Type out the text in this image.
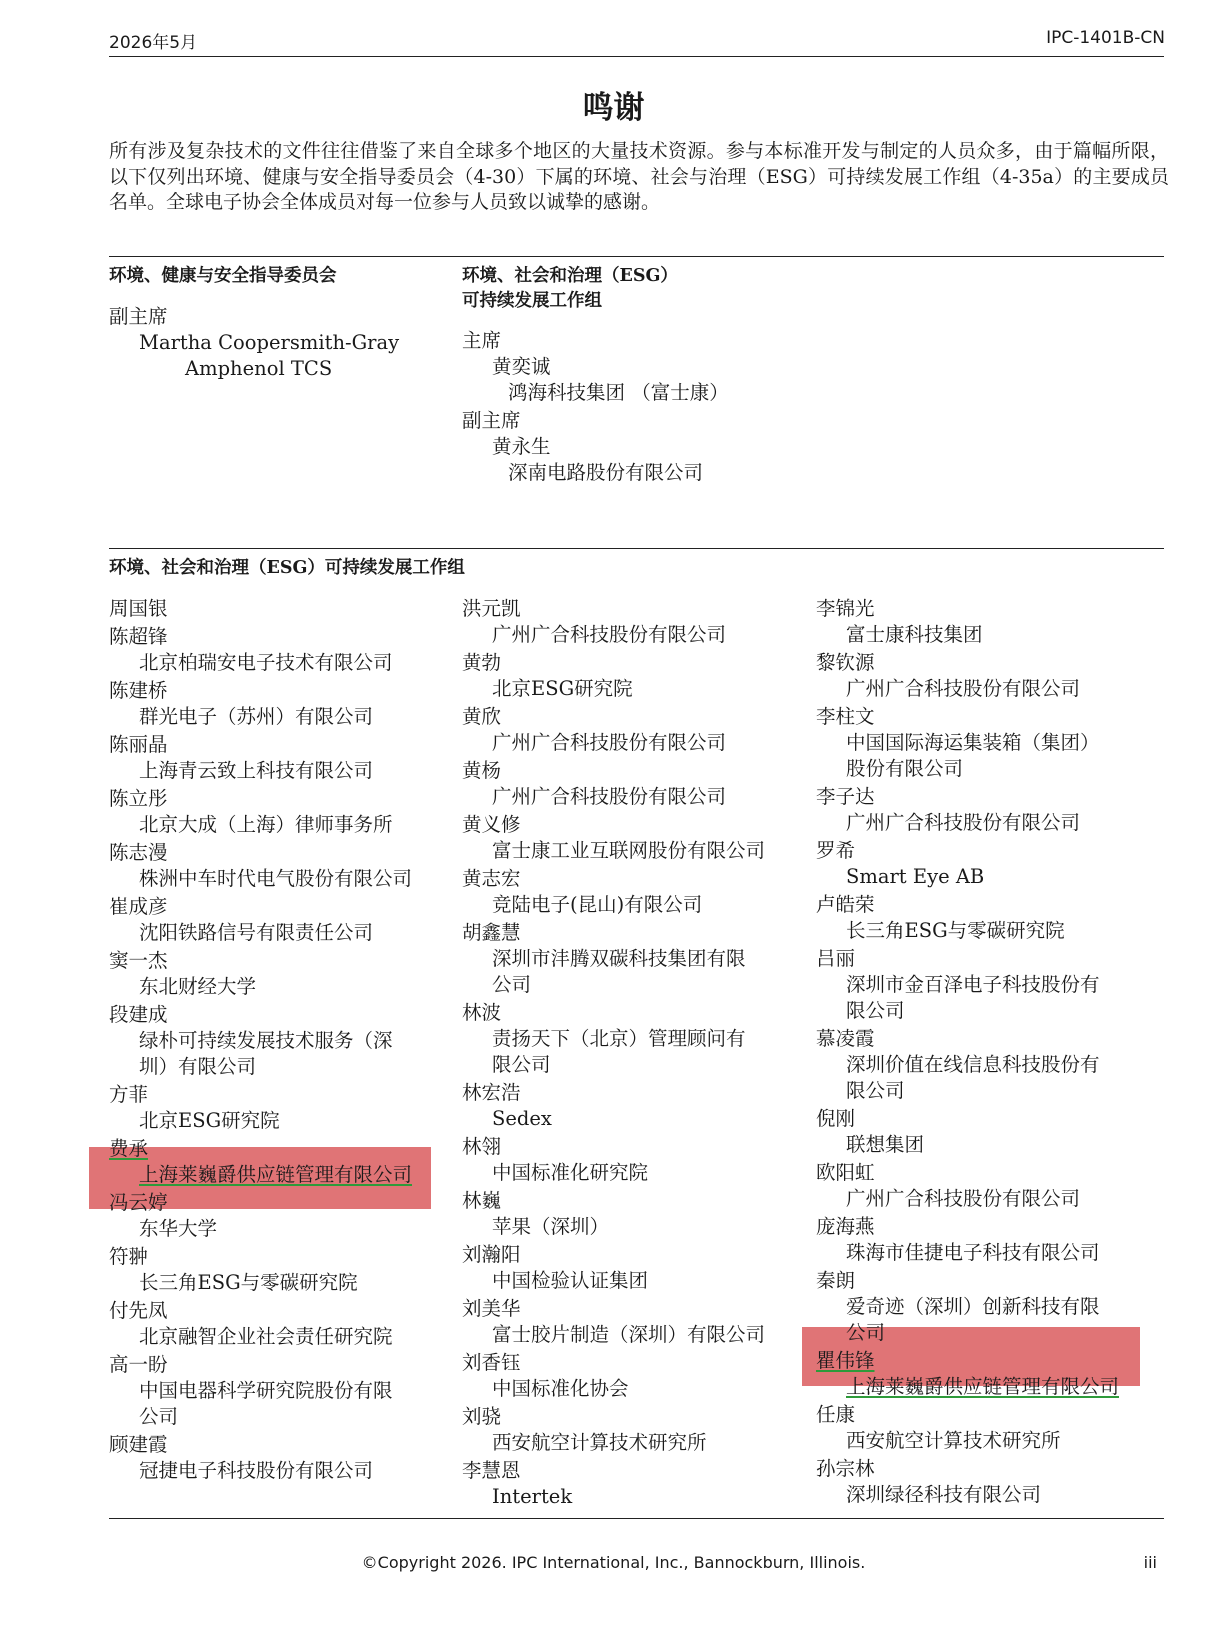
2026年5月	IPC-1401B-CN
鸣谢
所有涉及复杂技术的文件往往借鉴了来自全球多个地区的大量技术资源。参与本标准开发与制定的人员众多，由于篇幅所限，以下仅列出环境、健康与安全指导委员会（4-30）下属的环境、社会与治理（ESG）可持续发展工作组（4-35a）的主要成员名单。全球电子协会全体成员对每一位参与人员致以诚挚的感谢。
环境、健康与安全指导委员会
副主席
Martha Coopersmith-Gray
Amphenol TCS
环境、社会和治理（ESG）
可持续发展工作组
主席
黄奕诚
鸿海科技集团 （富士康）
副主席
黄永生
深南电路股份有限公司
环境、社会和治理（ESG）可持续发展工作组
周国银
陈超锋
北京柏瑞安电子技术有限公司
陈建桥
群光电子（苏州）有限公司
陈丽晶
上海青云致上科技有限公司
陈立彤
北京大成（上海）律师事务所
陈志漫
株洲中车时代电气股份有限公司
崔成彦
沈阳铁路信号有限责任公司
窦一杰
东北财经大学
段建成
绿朴可持续发展技术服务（深
圳）有限公司
方菲
北京ESG研究院
费承
上海莱巍爵供应链管理有限公司
冯云婷
东华大学
符翀
长三角ESG与零碳研究院
付先凤
北京融智企业社会责任研究院
高一盼
中国电器科学研究院股份有限
公司
顾建霞
冠捷电子科技股份有限公司
洪元凯
广州广合科技股份有限公司
黄勃
北京ESG研究院
黄欣
广州广合科技股份有限公司
黄杨
广州广合科技股份有限公司
黄义修
富士康工业互联网股份有限公司
黄志宏
竞陆电子(昆山)有限公司
胡鑫慧
深圳市沣腾双碳科技集团有限
公司
林波
责扬天下（北京）管理顾问有
限公司
林宏浩
Sedex
林翎
中国标准化研究院
林巍
苹果（深圳）
刘瀚阳
中国检验认证集团
刘美华
富士胶片制造（深圳）有限公司
刘香钰
中国标准化协会
刘骁
西安航空计算技术研究所
李慧恩
Intertek
李锦光
富士康科技集团
黎钦源
广州广合科技股份有限公司
李柱文
中国国际海运集装箱（集团）
股份有限公司
李子达
广州广合科技股份有限公司
罗希
Smart Eye AB
卢皓荣
长三角ESG与零碳研究院
吕丽
深圳市金百泽电子科技股份有
限公司
慕凌霞
深圳价值在线信息科技股份有
限公司
倪刚
联想集团
欧阳虹
广州广合科技股份有限公司
庞海燕
珠海市佳捷电子科技有限公司
秦朗
爱奇迹（深圳）创新科技有限
公司
瞿伟锋
上海莱巍爵供应链管理有限公司
任康
西安航空计算技术研究所
孙宗林
深圳绿径科技有限公司
©Copyright 2026. IPC International, Inc., Bannockburn, Illinois.	iii
